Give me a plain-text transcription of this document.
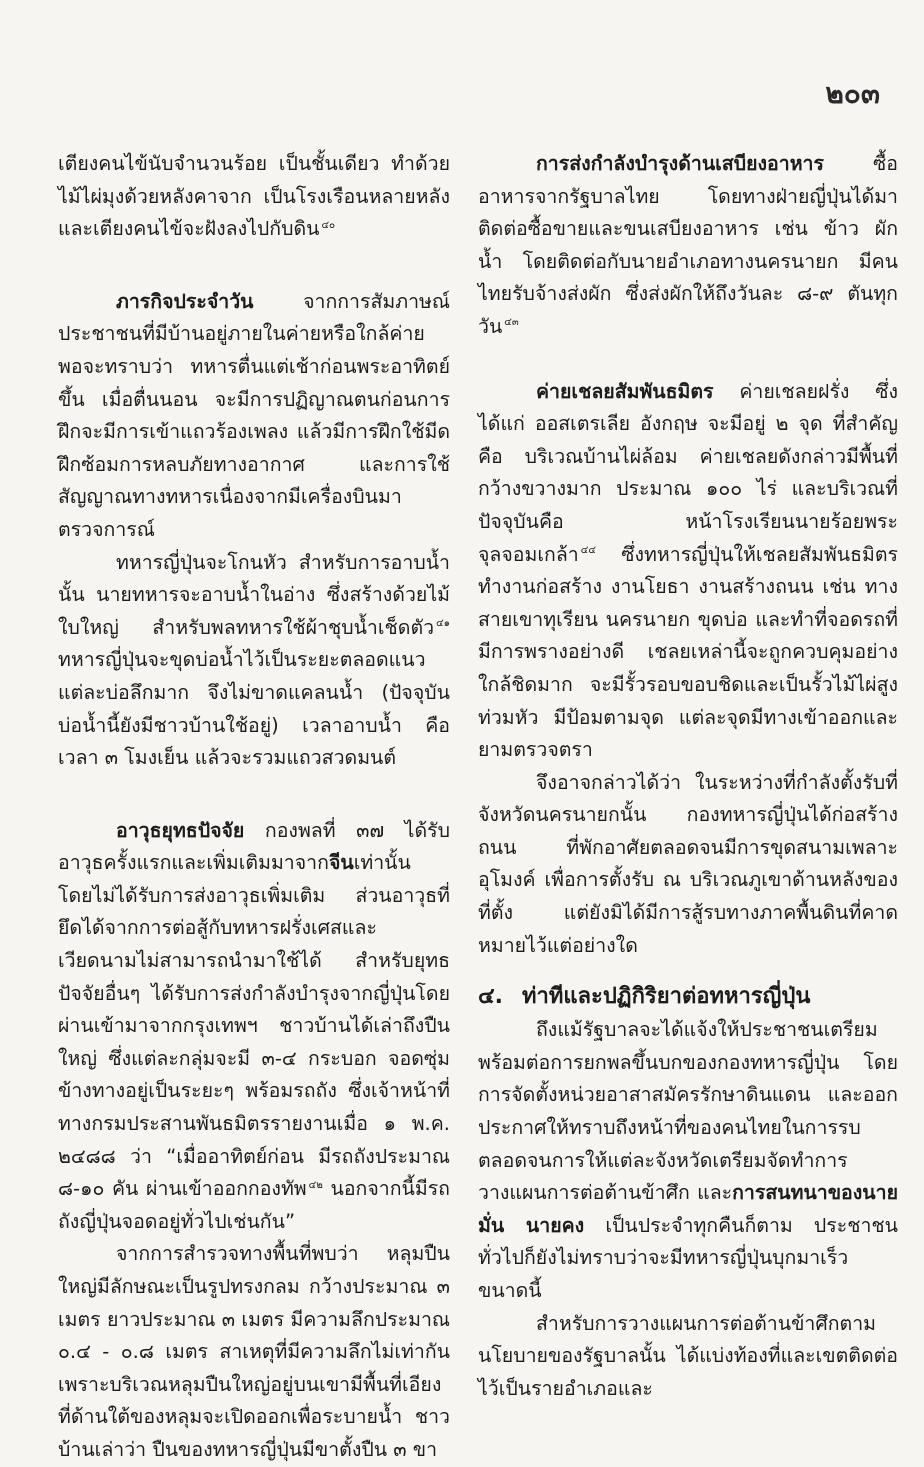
๒๐๓

เตียงคนไข้นับจำนวนร้อย เป็นชั้นเดียว ทำด้วยไม้ไผ่มุงด้วยหลังคาจาก เป็นโรงเรือนหลายหลัง และเตียงคนไข้จะฝังลงไปกับดิน $^{๔๐}$

ภารกิจประจำวัน จากการสัมภาษณ์ประชาชนที่มีบ้านอยู่ภายในค่ายหรือใกล้ค่าย พอจะทราบว่า ทหารตื่นแต่เช้าก่อนพระอาทิตย์ขึ้น เมื่อตื่นนอน จะมีการปฏิญาณตนก่อนการฝึกจะมีการเข้าแถวร้องเพลง แล้วมีการฝึกใช้มีดฝึกซ้อมการหลบภัยทางอากาศ และการใช้สัญญาณทางทหารเนื่องจากมีเครื่องบินมาตรวจการณ์

ทหารญี่ปุ่นจะโกนหัว สำหรับการอาบน้ำนั้น นายทหารจะอาบน้ำในอ่าง ซึ่งสร้างด้วยไม้ใบใหญ่ สำหรับพลทหารใช้ผ้าชุบน้ำเช็ดตัว $^{๔๑}$ ทหารญี่ปุ่นจะขุดบ่อน้ำไว้เป็นระยะตลอดแนว แต่ละบ่อลึกมาก จึงไม่ขาดแคลนน้ำ (ปัจจุบันบ่อน้ำนี้ยังมีชาวบ้านใช้อยู่) เวลาอาบน้ำ คือ เวลา ๓ โมงเย็น แล้วจะรวมแถวสวดมนต์

อาวุธยุทธปัจจัย กองพลที่ ๓๗ ได้รับอาวุธครั้งแรกและเพิ่มเติมมาจากจีนเท่านั้น โดยไม่ได้รับการส่งอาวุธเพิ่มเติม ส่วนอาวุธที่ยึดได้จากการต่อสู้กับทหารฝรั่งเศสและเวียดนามไม่สามารถนำมาใช้ได้ สำหรับยุทธปัจจัยอื่นๆ ได้รับการส่งกำลังบำรุงจากญี่ปุ่นโดยผ่านเข้ามาจากกรุงเทพฯ ชาวบ้านได้เล่าถึงปืนใหญ่ ซึ่งแต่ละกลุ่มจะมี ๓-๔ กระบอก จอดซุ่มข้างทางอยู่เป็นระยะๆ พร้อมรถถัง ซึ่งเจ้าหน้าที่ทางกรมประสานพันธมิตรรายงานเมื่อ ๑ พ.ค. ๒๔๘๘ ว่า “เมื่ออาทิตย์ก่อน มีรถถังประมาณ ๘-๑๐ คัน ผ่านเข้าออกกองทัพ $^{๔๒}$ นอกจากนี้มีรถถังญี่ปุ่นจอดอยู่ทั่วไปเช่นกัน”

จากการสำรวจทางพื้นที่พบว่า หลุมปืนใหญ่มีลักษณะเป็นรูปทรงกลม กว้างประมาณ ๓ เมตร ยาวประมาณ ๓ เมตร มีความลึกประมาณ ๐.๔ - ๐.๘ เมตร สาเหตุที่มีความลึกไม่เท่ากัน เพราะบริเวณหลุมปืนใหญ่อยู่บนเขามีพื้นที่เอียง ที่ด้านใต้ของหลุมจะเปิดออกเพื่อระบายน้ำ ชาวบ้านเล่าว่า ปืนของทหารญี่ปุ่นมีขาตั้งปืน ๓ ขา

การส่งกำลังบำรุงด้านเสบียงอาหาร ซื้ออาหารจากรัฐบาลไทย โดยทางฝ่ายญี่ปุ่นได้มาติดต่อซื้อขายและขนเสบียงอาหาร เช่น ข้าว ผัก น้ำ โดยติดต่อกับนายอำเภอทางนครนายก มีคนไทยรับจ้างส่งผัก ซึ่งส่งผักให้ถึงวันละ ๘-๙ ตันทุกวัน $^{๔๓}$

ค่ายเชลยสัมพันธมิตร ค่ายเชลยฝรั่ง ซึ่งได้แก่ ออสเตรเลีย อังกฤษ จะมีอยู่ ๒ จุด ที่สำคัญคือ บริเวณบ้านไผ่ล้อม ค่ายเชลยดังกล่าวมีพื้นที่กว้างขวางมาก ประมาณ ๑๐๐ ไร่ และบริเวณที่ปัจจุบันคือ หน้าโรงเรียนนายร้อยพระจุลจอมเกล้า $^{๔๔}$ ซึ่งทหารญี่ปุ่นให้เชลยสัมพันธมิตรทำงานก่อสร้าง งานโยธา งานสร้างถนน เช่น ทางสายเขาทุเรียน นครนายก ขุดบ่อ และทำที่จอดรถที่มีการพรางอย่างดี เชลยเหล่านี้จะถูกควบคุมอย่างใกล้ชิดมาก จะมีรั้วรอบขอบชิดและเป็นรั้วไม้ไผ่สูงท่วมหัว มีป้อมตามจุด แต่ละจุดมีทางเข้าออกและยามตรวจตรา

จึงอาจกล่าวได้ว่า ในระหว่างที่กำลังตั้งรับที่จังหวัดนครนายกนั้น กองทหารญี่ปุ่นได้ก่อสร้างถนน ที่พักอาศัยตลอดจนมีการขุดสนามเพลาะ อุโมงค์ เพื่อการตั้งรับ ณ บริเวณภูเขาด้านหลังของที่ตั้ง แต่ยังมิได้มีการสู้รบทางภาคพื้นดินที่คาดหมายไว้แต่อย่างใด

๔. ท่าทีและปฏิกิริยาต่อทหารญี่ปุ่น

ถึงแม้รัฐบาลจะได้แจ้งให้ประชาชนเตรียมพร้อมต่อการยกพลขึ้นบกของกองทหารญี่ปุ่น โดยการจัดตั้งหน่วยอาสาสมัครรักษาดินแดน และออกประกาศให้ทราบถึงหน้าที่ของคนไทยในการรบ ตลอดจนการให้แต่ละจังหวัดเตรียมจัดทำการวางแผนการต่อต้านข้าศึก และการสนทนาของนายมั่น นายคง เป็นประจำทุกคืนก็ตาม ประชาชนทั่วไปก็ยังไม่ทราบว่าจะมีทหารญี่ปุ่นบุกมาเร็วขนาดนี้

สำหรับการวางแผนการต่อต้านข้าศึกตามนโยบายของรัฐบาลนั้น ได้แบ่งท้องที่และเขตติดต่อไว้เป็นรายอำเภอและ
